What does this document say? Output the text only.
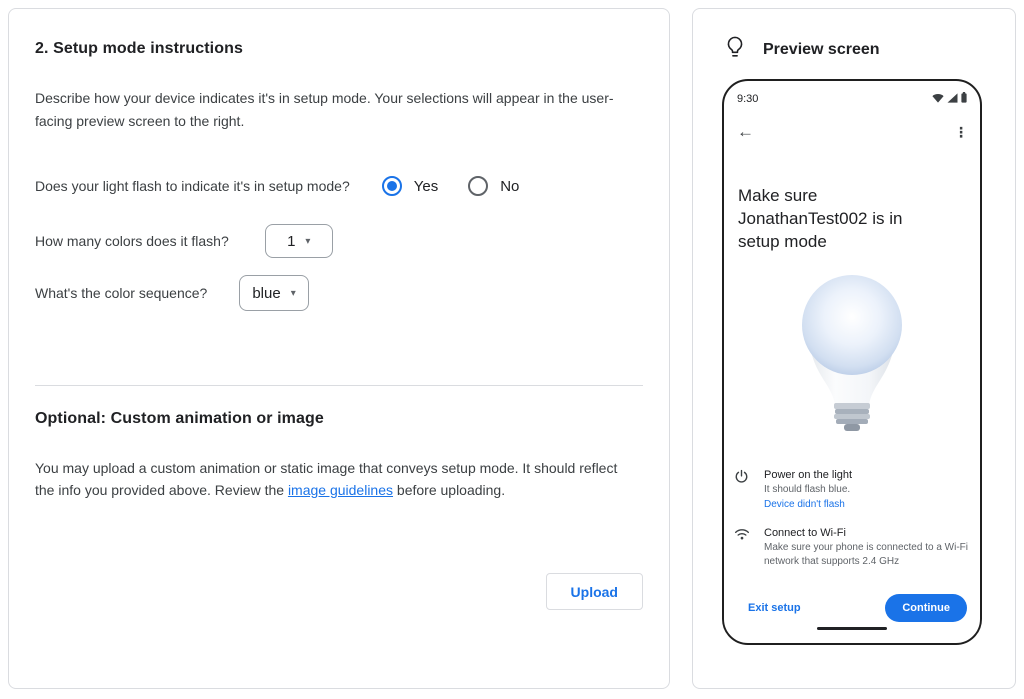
2. Setup mode instructions
Describe how your device indicates it's in setup mode. Your selections will appear in the user-facing preview screen to the right.
Does your light flash to indicate it's in setup mode?	Yes	No
How many colors does it flash?	1 ▾
What's the color sequence?	blue ▾
Optional: Custom animation or image
You may upload a custom animation or static image that conveys setup mode. It should reflect the info you provided above. Review the image guidelines before uploading.
Upload
Preview screen
9:30
←	⋮
Make sure JonathanTest002 is in setup mode
Power on the light
It should flash blue.
Device didn't flash
Connect to Wi-Fi
Make sure your phone is connected to a Wi-Fi network that supports 2.4 GHz
Exit setup	Continue
